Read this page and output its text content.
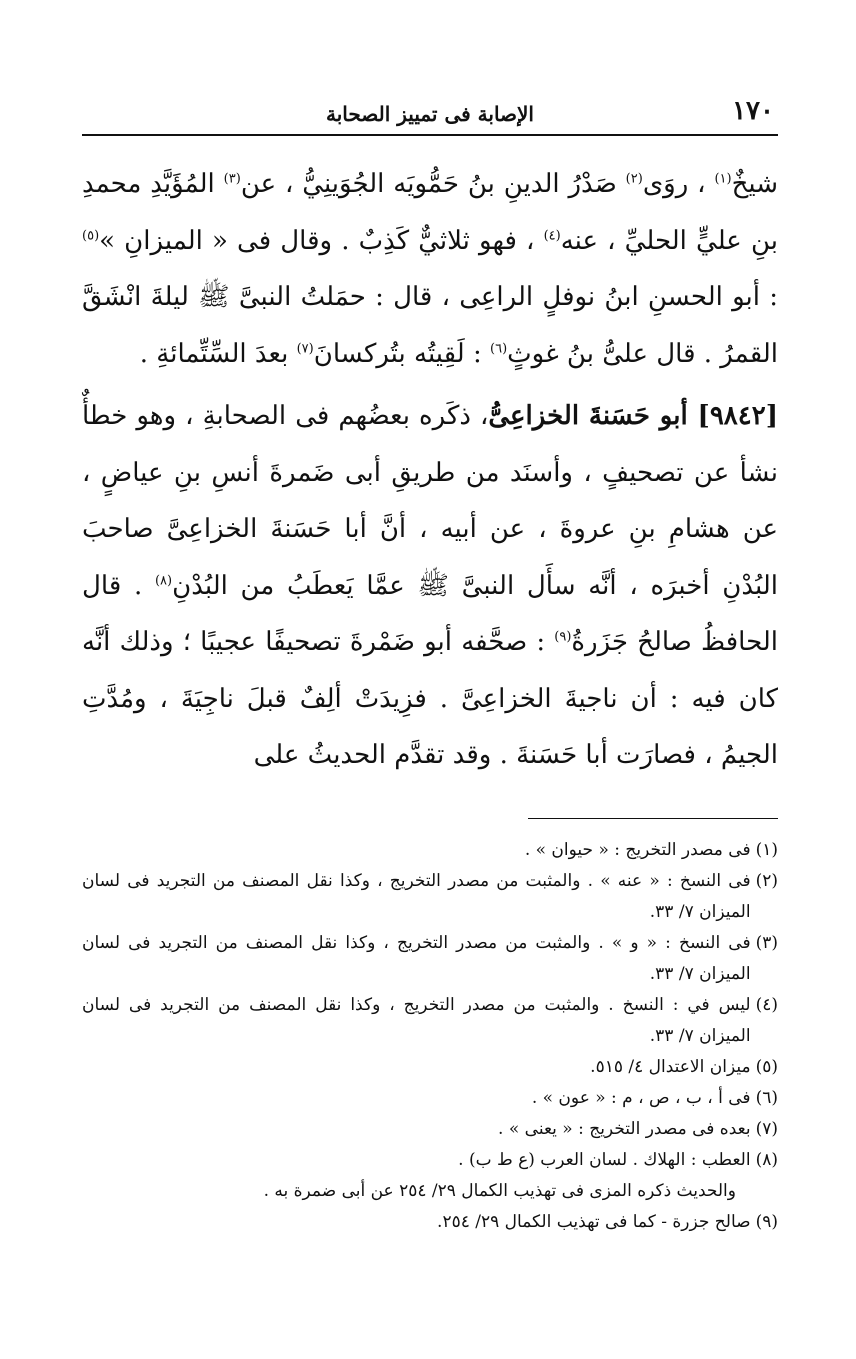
١٧٠
الإصابة فى تمييز الصحابة

شيخٌ$^{(١)}$ ، روَى$^{(٢)}$ صَدْرُ الدينِ بنُ حَمُّويَه الجُوَينِيُّ ، عن$^{(٣)}$ المُؤَيَّدِ محمدِ بنِ عليٍّ الحليِّ ، عنه$^{(٤)}$ ، فهو ثلاثيٌّ كَذِبٌ . وقال فى « الميزانِ »$^{(٥)}$ : أبو الحسنِ ابنُ نوفلٍ الراعِى ، قال : حمَلتُ النبىَّ ﷺ ليلةَ انْشَقَّ القمرُ . قال علىُّ بنُ غوثٍ$^{(٦)}$ : لَقِيتُه بتُركسانَ$^{(٧)}$ بعدَ السِّتِّمائةِ .

[٩٨٤٢] أبو حَسَنةَ الخزاعِىُّ، ذكَره بعضُهم فى الصحابةِ ، وهو خطأٌ نشأ عن تصحيفٍ ، وأسنَد من طريقِ أبى ضَمرةَ أنسِ بنِ عياضٍ ، عن هشامِ بنِ عروةَ ، عن أبيه ، أنَّ أبا حَسَنةَ الخزاعِىَّ صاحبَ البُدْنِ أخبرَه ، أنَّه سأَل النبىَّ ﷺ عمَّا يَعطَبُ من البُدْنِ$^{(٨)}$ . قال الحافظُ صالحُ جَزَرةُ$^{(٩)}$ : صحَّفه أبو ضَمْرةَ تصحيفًا عجيبًا ؛ وذلك أنَّه كان فيه : أن ناجيةَ الخزاعِىَّ . فزِيدَتْ ألِفٌ قبلَ ناجِيَةَ ، ومُدَّتِ الجيمُ ، فصارَت أبا حَسَنةَ . وقد تقدَّم الحديثُ على

(١)
فى مصدر التخريج : « حيوان » .
(٢)
فى النسخ : « عنه » . والمثبت من مصدر التخريج ، وكذا نقل المصنف من التجريد فى لسان الميزان ٧/ ٣٣.
(٣)
فى النسخ : « و » . والمثبت من مصدر التخريج ، وكذا نقل المصنف من التجريد فى لسان الميزان ٧/ ٣٣.
(٤)
ليس في : النسخ . والمثبت من مصدر التخريج ، وكذا نقل المصنف من التجريد فى لسان الميزان ٧/ ٣٣.
(٥)
ميزان الاعتدال ٤/ ٥١٥.
(٦)
فى أ ، ب ، ص ، م : « عون » .
(٧)
بعده فى مصدر التخريج : « يعنى » .
(٨)
العطب : الهلاك . لسان العرب (ع ط ب) .
والحديث ذكره المزى فى تهذيب الكمال ٢٩/ ٢٥٤ عن أبى ضمرة به .
(٩)
صالح جزرة - كما فى تهذيب الكمال ٢٩/ ٢٥٤.
